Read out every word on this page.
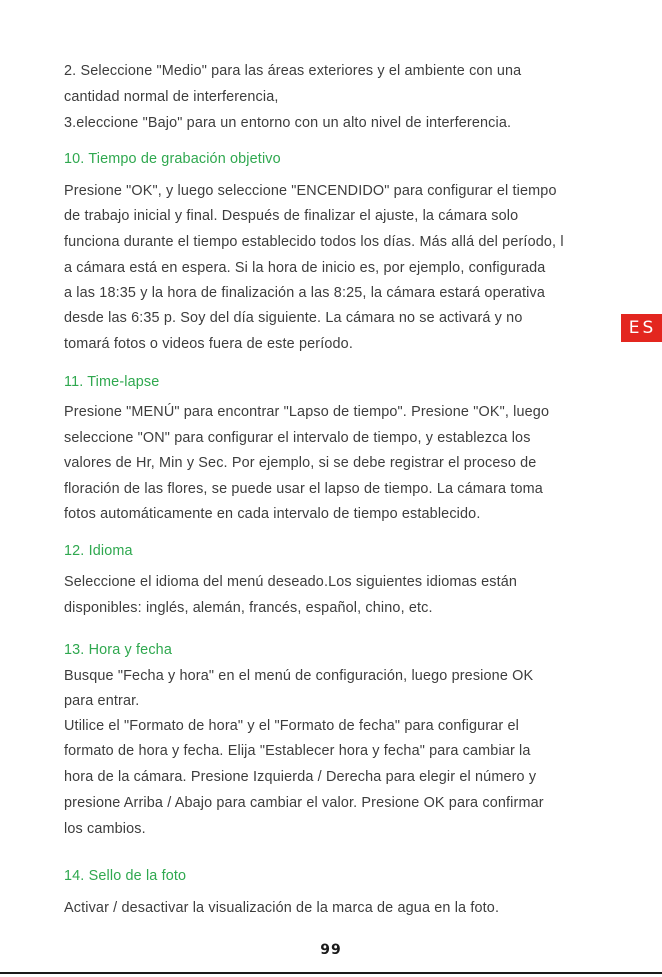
2. Seleccione "Medio" para las áreas exteriores y el ambiente con una
cantidad normal de interferencia,
3.eleccione "Bajo" para un entorno con un alto nivel de interferencia.
10. Tiempo de grabación objetivo
Presione "OK", y luego seleccione "ENCENDIDO" para configurar el tiempo
de trabajo inicial y final. Después de finalizar el ajuste, la cámara solo
funciona durante el tiempo establecido todos los días. Más allá del período, l
a cámara está en espera. Si la hora de inicio es, por ejemplo, configurada
a las 18:35 y la hora de finalización a las 8:25, la cámara estará operativa
desde las 6:35 p. Soy del día siguiente. La cámara no se activará y no
tomará fotos o videos fuera de este período.
11. Time-lapse
Presione "MENÚ" para encontrar "Lapso de tiempo". Presione "OK", luego
seleccione "ON" para configurar el intervalo de tiempo, y establezca los
valores de Hr, Min y Sec. Por ejemplo, si se debe registrar el proceso de
floración de las flores, se puede usar el lapso de tiempo. La cámara toma
fotos automáticamente en cada intervalo de tiempo establecido.
12. Idioma
Seleccione el idioma del menú deseado.Los siguientes idiomas están
disponibles: inglés, alemán, francés, español, chino, etc.
13. Hora y fecha
Busque "Fecha y hora" en el menú de configuración, luego presione OK
para entrar.
Utilice el "Formato de hora" y el "Formato de fecha" para configurar el
formato de hora y fecha. Elija "Establecer hora y fecha" para cambiar la
hora de la cámara. Presione Izquierda / Derecha para elegir el número y
presione Arriba / Abajo para cambiar el valor. Presione OK para confirmar
los cambios.
14. Sello de la foto
Activar / desactivar la visualización de la marca de agua en la foto.
ES
99
